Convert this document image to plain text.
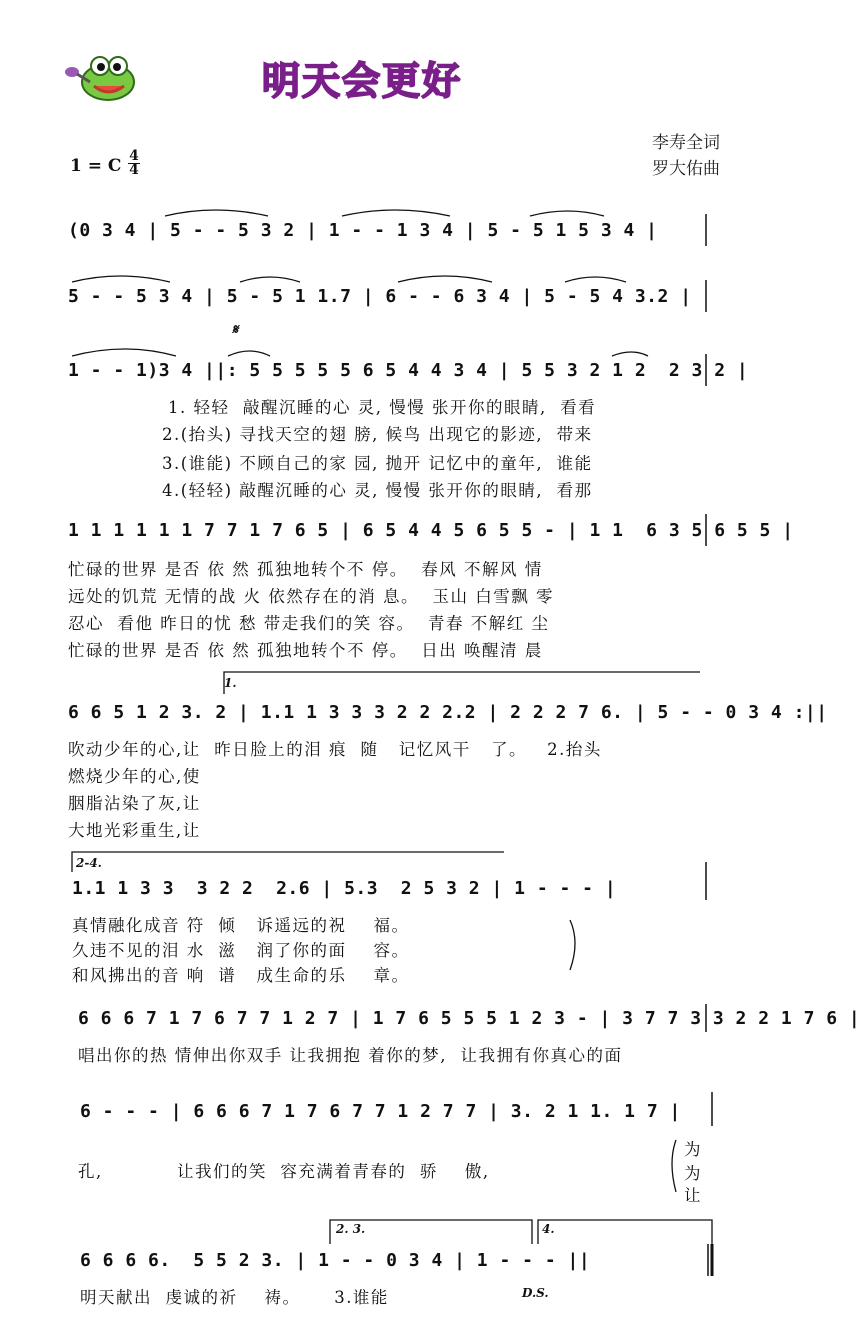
明天会更好
李寿全词
罗大佑曲
1 = C 4
4
(0 3 4 | 5 - - 5 3 2 | 1 - - 1 3 4 | 5 - 5 1 5 3 4 |
5 - - 5 3 4 | 5 - 5 1 1.7 | 6 - - 6 3 4 | 5 - 5 4 3.2 |
𝄋
1 - - 1)3 4 ||: 5 5 5 5 5 6 5 4 4 3 4 | 5 5 3 2 1 2  2 3 2 |
1. 轻轻  敲醒沉睡的心 灵, 慢慢 张开你的眼睛,  看看
2.(抬头) 寻找天空的翅 膀, 候鸟 出现它的影迹,  带来
3.(谁能) 不顾自己的家 园, 抛开 记忆中的童年,  谁能
4.(轻轻) 敲醒沉睡的心 灵, 慢慢 张开你的眼睛,  看那
1 1 1 1 1 1 7 7 1 7 6 5 | 6 5 4 4 5 6 5 5 - | 1 1  6 3 5 6 5 5 |
忙碌的世界 是否 依 然 孤独地转个不 停。  春风 不解风 情
远处的饥荒 无情的战 火 依然存在的消 息。  玉山 白雪飘 零
忍心  看他 昨日的忧 愁 带走我们的笑 容。  青春 不解红 尘
忙碌的世界 是否 依 然 孤独地转个不 停。  日出 唤醒清 晨
1.
6 6 5 1 2 3. 2 | 1.1 1 3 3 3 2 2 2.2 | 2 2 2 7 6. | 5 - - 0 3 4 :||
吹动少年的心,让  昨日脸上的泪 痕  随   记忆风干   了。   2.抬头
燃烧少年的心,使
胭脂沾染了灰,让
大地光彩重生,让
2-4.
1.1 1 3 3  3 2 2  2.6 | 5.3  2 5 3 2 | 1 - - - |
真情融化成音 符  倾   诉遥远的祝    福。
久违不见的泪 水  滋   润了你的面    容。
和风拂出的音 响  谱   成生命的乐    章。
6 6 6 7 1 7 6 7 7 1 2 7 | 1 7 6 5 5 5 1 2 3 - | 3 7 7 3 3 2 2 1 7 6 |
唱出你的热 情伸出你双手 让我拥抱 着你的梦,  让我拥有你真心的面
6 - - - | 6 6 6 7 1 7 6 7 7 1 2 7 7 | 3. 2 1 1. 1 7 |
孔,           让我们的笑  容充满着青春的  骄    傲,
为
为
让
2. 3.	4.
6 6 6 6.  5 5 2 3. | 1 - - 0 3 4 | 1 - - - ||
明天献出  虔诚的祈    祷。     3.谁能	D.S.
